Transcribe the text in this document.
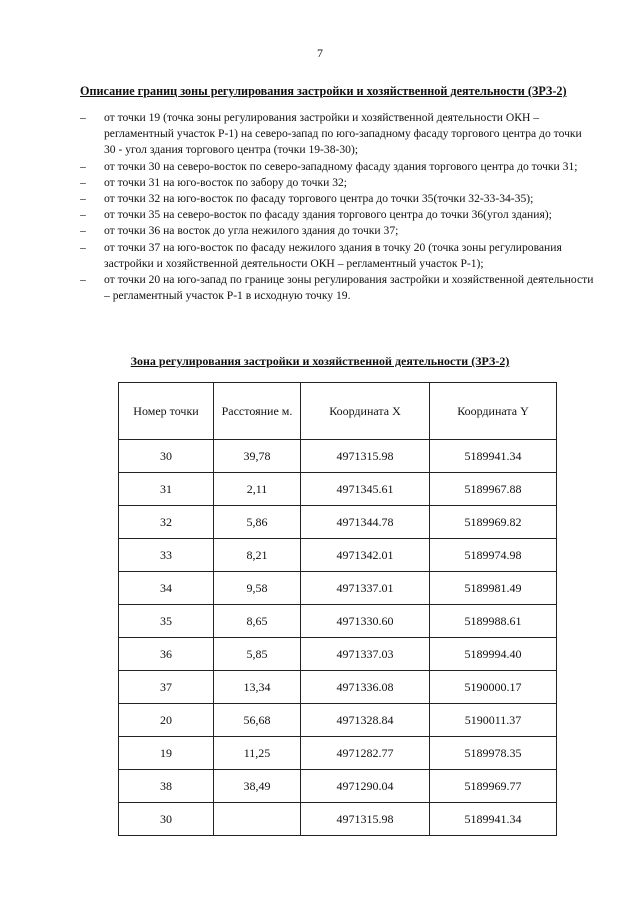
7
Описание границ зоны регулирования застройки и хозяйственной деятельности (ЗРЗ-2)
– от точки 19 (точка зоны регулирования застройки и хозяйственной деятельности ОКН – регламентный участок Р-1) на северо-запад по юго-западному фасаду торгового центра до точки 30 - угол здания торгового центра (точки 19-38-30);
– от точки 30 на северо-восток по северо-западному фасаду здания торгового центра до точки 31;
– от точки 31 на юго-восток по забору до точки 32;
– от точки 32 на юго-восток по фасаду торгового центра до точки 35(точки 32-33-34-35);
– от точки 35 на северо-восток по фасаду здания торгового центра до точки 36(угол здания);
– от точки 36 на восток до угла нежилого здания до точки 37;
– от точки 37 на юго-восток по фасаду нежилого здания в точку 20 (точка зоны регулирования застройки и хозяйственной деятельности ОКН – регламентный участок Р-1);
– от точки 20 на юго-запад по границе зоны регулирования застройки и хозяйственной деятельности – регламентный участок Р-1 в исходную точку 19.
Зона регулирования застройки и хозяйственной деятельности (ЗРЗ-2)
Номер точки	Расстояние м.	Координата X	Координата Y
30	39,78	4971315.98	5189941.34
31	2,11	4971345.61	5189967.88
32	5,86	4971344.78	5189969.82
33	8,21	4971342.01	5189974.98
34	9,58	4971337.01	5189981.49
35	8,65	4971330.60	5189988.61
36	5,85	4971337.03	5189994.40
37	13,34	4971336.08	5190000.17
20	56,68	4971328.84	5190011.37
19	11,25	4971282.77	5189978.35
38	38,49	4971290.04	5189969.77
30		4971315.98	5189941.34
